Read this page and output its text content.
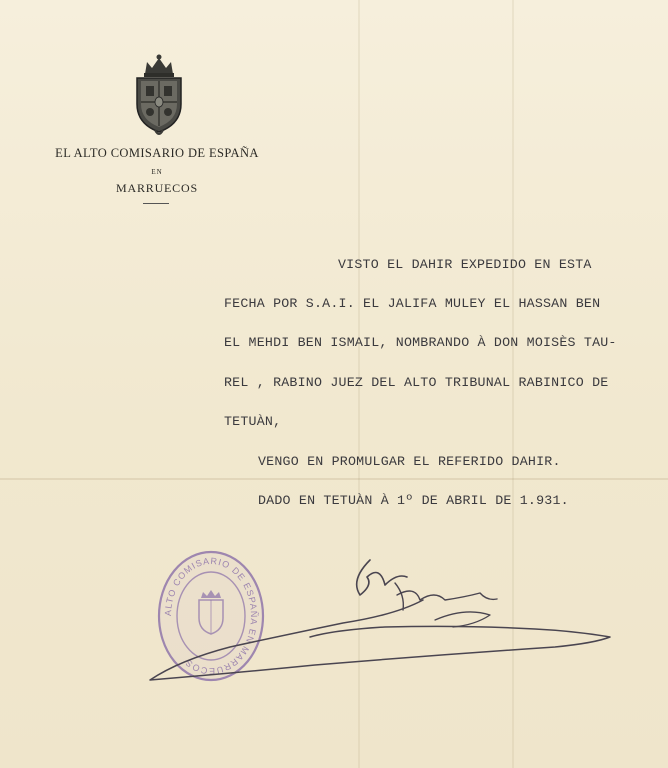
EL ALTO COMISARIO DE ESPAÑA
EN
MARRUECOS
VISTO EL DAHIR EXPEDIDO EN ESTA
FECHA POR S.A.I. EL JALIFA MULEY EL HASSAN BEN
EL MEHDI BEN ISMAIL, NOMBRANDO À DON MOISÈS TAU-
REL , RABINO JUEZ DEL ALTO TRIBUNAL RABINICO DE
TETUÀN,
VENGO EN PROMULGAR EL REFERIDO DAHIR.
DADO EN TETUÀN À 1º DE ABRIL DE 1.931.
ALTO COMISARIO DE ESPAÑA EN MARRUECOS
